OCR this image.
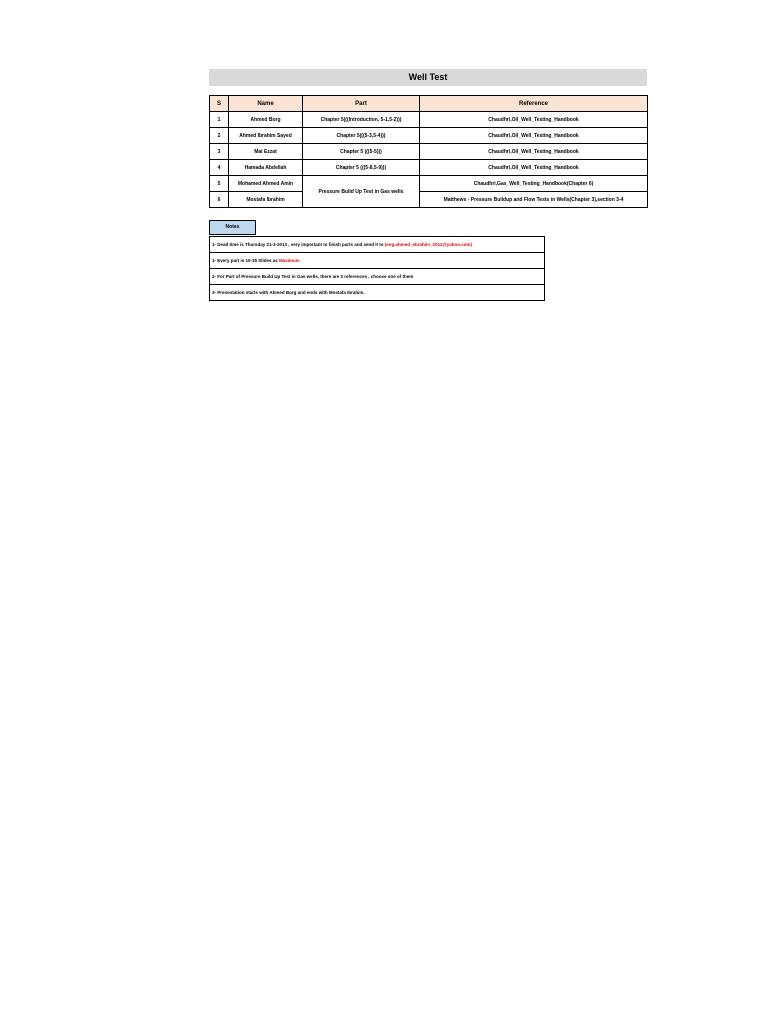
Well Test
S	Name	Part	Reference
1	Ahmed Borg	Chapter 5(((Introduction, 5-1,5-2)))	Chaudhri,Oil_Well_Testing_Handbook
2	Ahmed Ibrahim Sayed	Chapter 5(((5-3,5-4)))	Chaudhri,Oil_Well_Testing_Handbook
3	Mai Ezzat	Chapter 5 (((5-5)))	Chaudhri,Oil_Well_Testing_Handbook
4	Hamada Abdellah	Chapter 5 (((5-8,5-9)))	Chaudhri,Oil_Well_Testing_Handbook
5	Mohamed Ahmed Amin	Pressure Build Up Test in Gas wells	Chaudhri,Gas_Well_Testing_Handbook(Chapter 6)
6	Mostafa Ibrahim		Matthews - Pressure Buildup and Flow Tests in Wells(Chapter 3),section 3-4
Notes
1- Dead time is Thursday 21-3-2013 , very important to finish parts and send it to (eng.ahmed_ebrahim_2011@yahoo.com)
1- Every part is 10-15 Slides as Maximum
2- For Part of Pressure Build Up Test in Gas wells, there are 2 references , choose one of them
3- Presentation starts with Ahmed Borg and ends with Mostafa Ibrahim.
